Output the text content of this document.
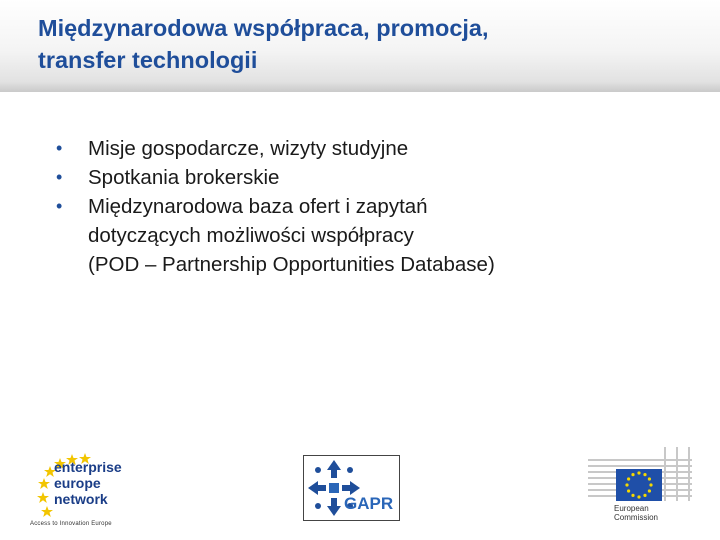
Międzynarodowa współpraca, promocja,
transfer technologii
• Misje gospodarcze, wizyty studyjne
• Spotkania brokerskie
• Międzynarodowa baza ofert i zapytań
dotyczących możliwości współpracy
(POD – Partnership Opportunities Database)
enterprise
europe
network
Access to Innovation Europe
GAPR	European
Commission
